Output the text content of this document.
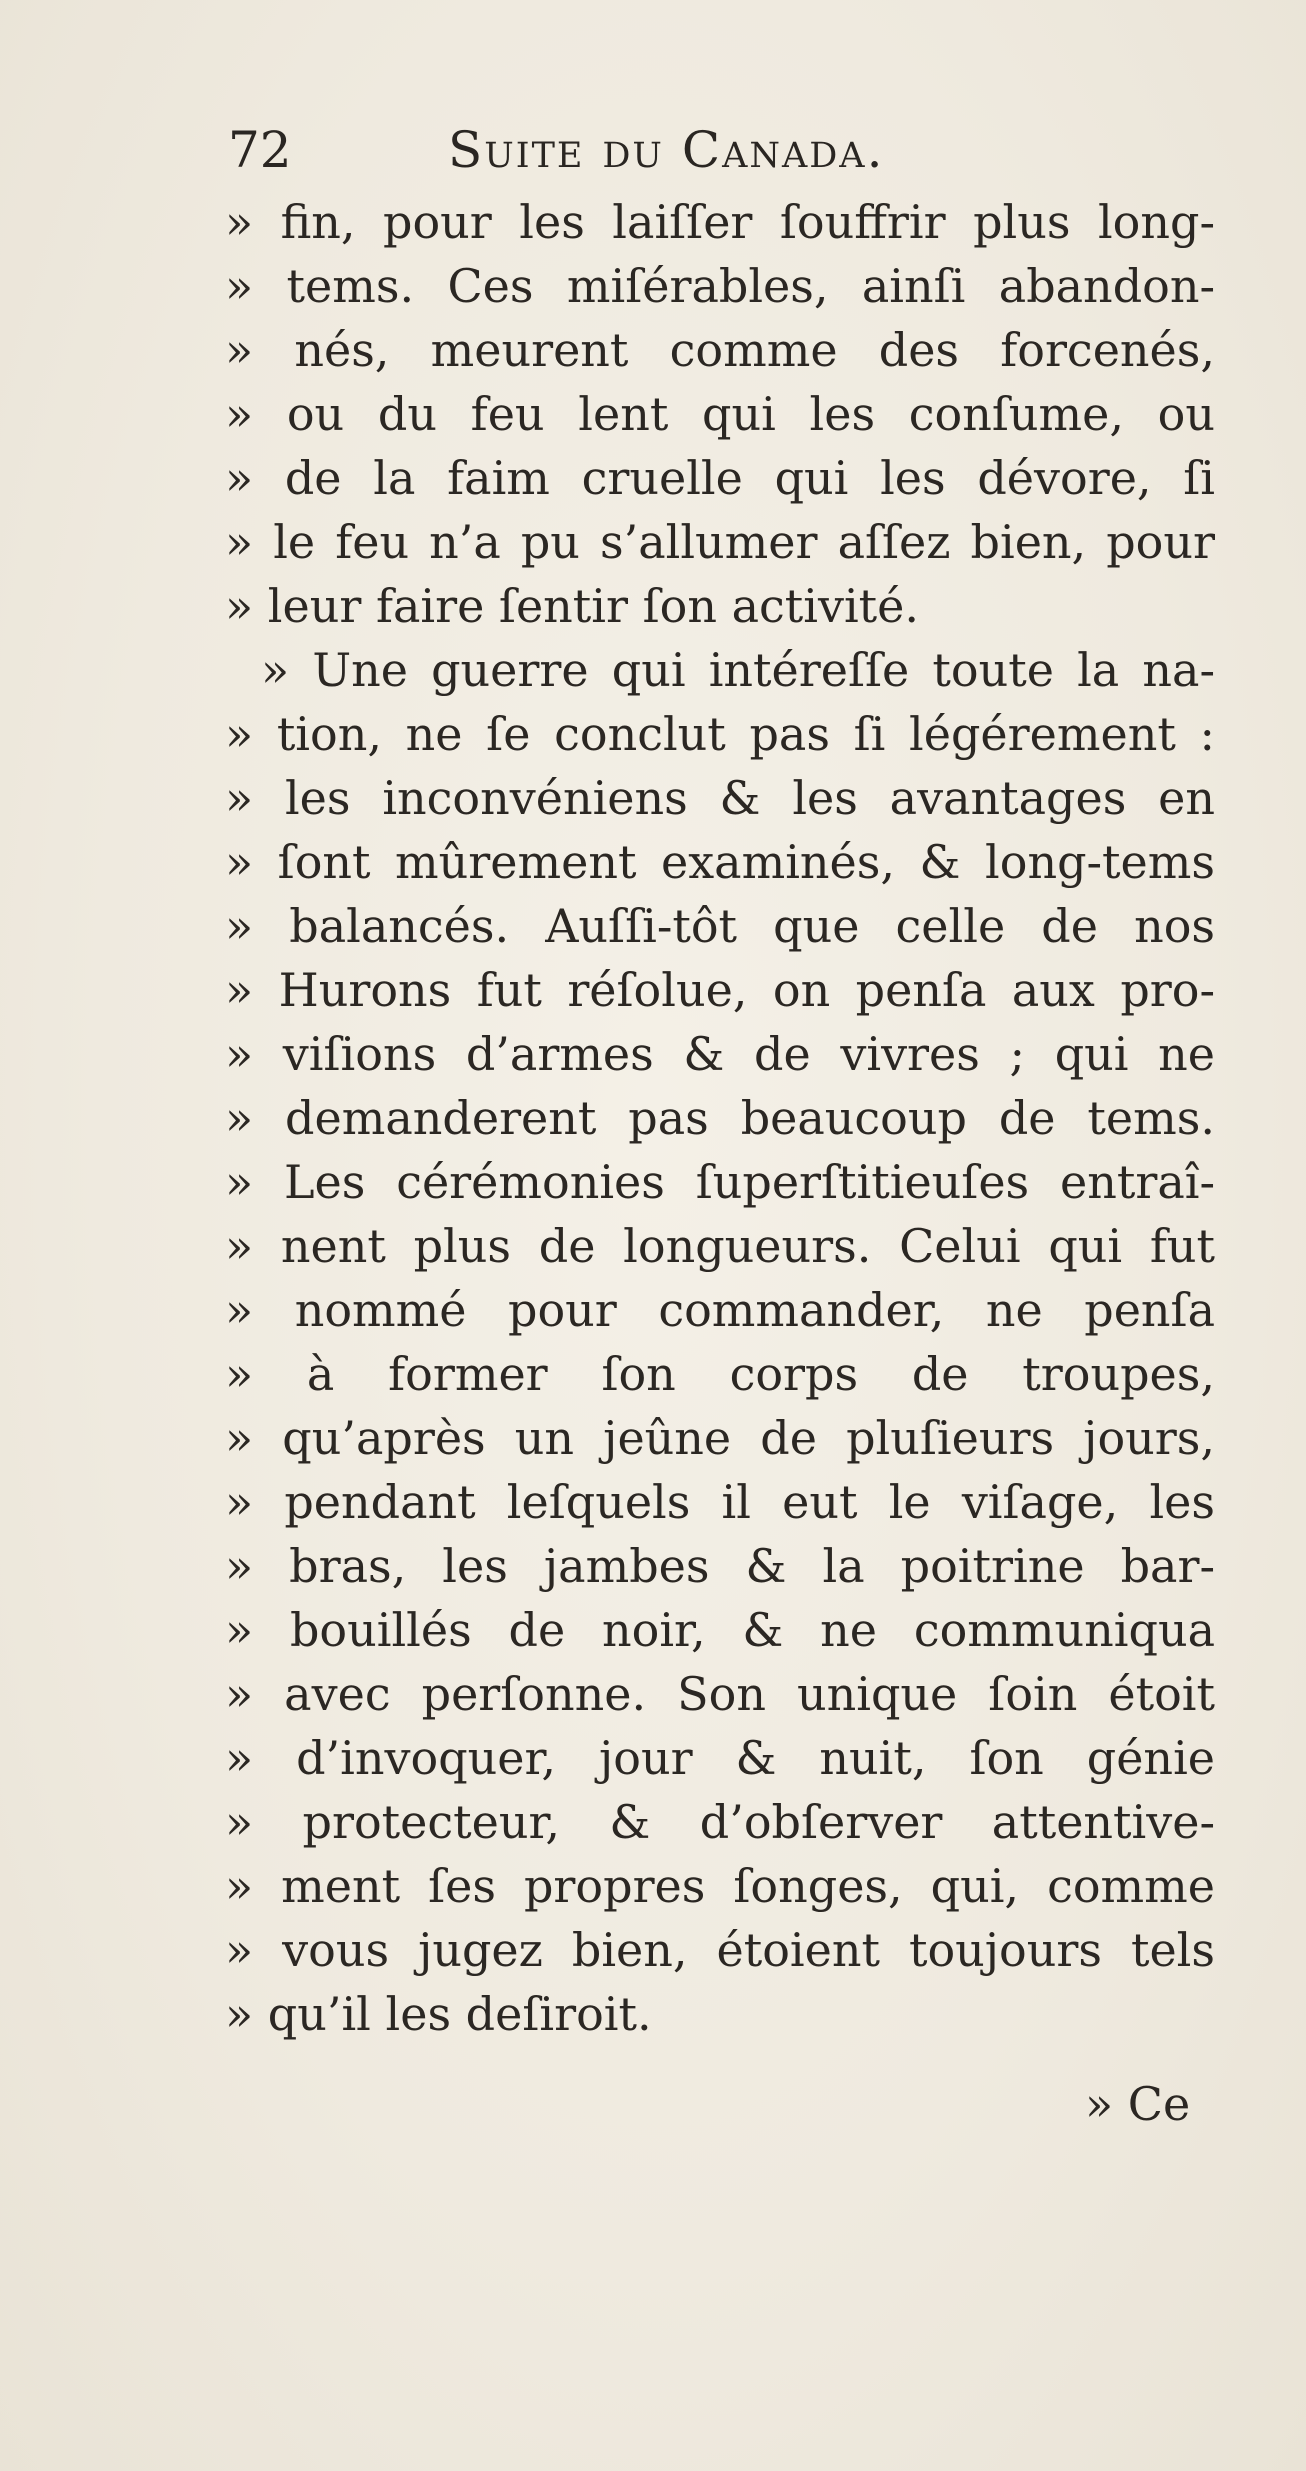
72	Suite du Canada.
» fin, pour les laiſſer ſouffrir plus long-
» tems. Ces miſérables, ainſi abandon-
» nés, meurent comme des forcenés,
» ou du feu lent qui les conſume, ou
» de la faim cruelle qui les dévore, ſi
» le feu n’a pu s’allumer aſſez bien, pour
» leur faire ſentir ſon activité.
» Une guerre qui intéreſſe toute la na-
» tion, ne ſe conclut pas ſi légérement :
» les inconvéniens & les avantages en
» ſont mûrement examinés, & long-tems
» balancés. Auſſi-tôt que celle de nos
» Hurons fut réſolue, on penſa aux pro-
» viſions d’armes & de vivres ; qui ne
» demanderent pas beaucoup de tems.
» Les cérémonies ſuperſtitieuſes entraî-
» nent plus de longueurs. Celui qui fut
» nommé pour commander, ne penſa
» à former ſon corps de troupes,
» qu’après un jeûne de pluſieurs jours,
» pendant leſquels il eut le viſage, les
» bras, les jambes & la poitrine bar-
» bouillés de noir, & ne communiqua
» avec perſonne. Son unique ſoin étoit
» d’invoquer, jour & nuit, ſon génie
» protecteur, & d’obſerver attentive-
» ment ſes propres ſonges, qui, comme
» vous jugez bien, étoient toujours tels
» qu’il les deſiroit.
» Ce
